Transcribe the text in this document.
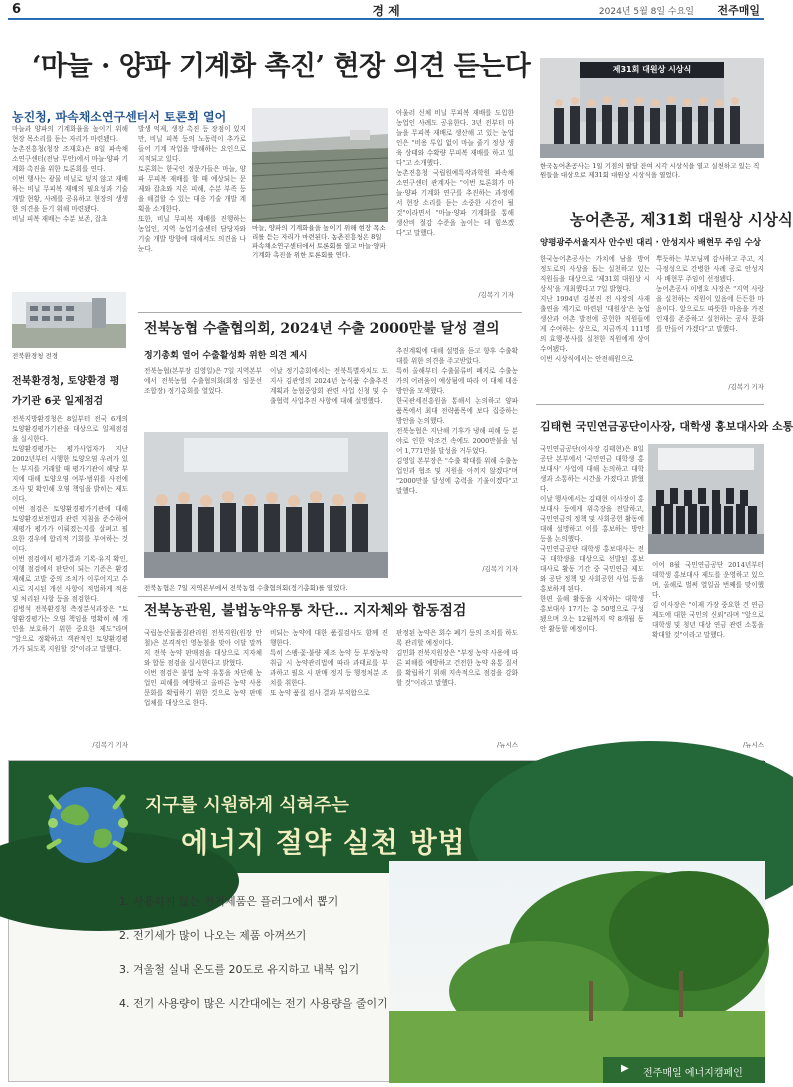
6	경 제	2024년 5월 8일 수요일 전주매일
‘마늘 · 양파 기계화 촉진’ 현장 의견 듣는다
농진청, 파속채소연구센터서 토론회 열어
마늘과 양파의 기계화율을 높이기 위해 현장 목소리를 듣는 자리가 마련됐다.
농촌진흥청(청장 조재호)은 8일 파속채소연구센터(전남 무안)에서 마늘·양파 기계화 촉진을 위한 토론회를 연다.
이번 행사는 광물 비닐로 덮지 않고 재배하는 비닐 무피복 재배의 필요성과 기술 개발 현황, 사례를 공유하고 현장의 생생한 의견을 듣기 위해 마련됐다.
비닐 피복 재배는 수분 보존, 잡초
발생 억제, 생장 촉진 등 장점이 있지만, 비닐 피복 등의 노동력이 추가로 들어 기계 작업을 방해하는 요인으로 지적되고 있다.
토론회는 한국인 정문가들은 마늘, 양파 무피복 재배를 할 때 예상되는 문제와 잡초와 지온 피해, 수분 부족 등을 해결할 수 있는 대응 기술 개발 계획을 소개한다.
또한, 비닐 무피복 재배를 진행하는 농업인, 지역 농업기술센터 담당자와 기술 개발 방향에 대해서도 의견을 나눈다.
마늘, 양파의 기계화율을 높이기 위해 현장 목소리를 듣는 자리가 마련된다. 농촌진흥청은 8일 파속채소연구센터에서 토론회를 열고 마늘·양파 기계화 촉진을 위한 토론회를 연다.
아울러 신체 비닐 무피복 재배를 도입한 농업인 사례도 공유한다. 3년 전부터 마늘을 무피복 재배로 생산해 고 있는 농업인은 "비용 투입 없이 마늘 줄기 정상 생육 상태와 수확량 무피복 재배를 하고 있다"고 소개했다.
농촌진흥청 국립원예특작과학원 파속채소연구센터 관계자는 "이번 토론회가 마늘·양파 기계화 연구를 추진하는 과정에서 현장 소리를 듣는 소중한 시간이 될 것"이라면서 "마늘·양파 기계화를 통해 생산비 절감 수준을 높이는 데 힘쓰겠다"고 말했다.
/김복기 기자
제31회 대원상 시상식
한국농어촌공사는 1일 기점의 팔달 잔여 시각 시상식을 열고 실천하고 있는 직원들을 대상으로 제31회 대원상 시상식을 열었다.
농어촌공, 제31회 대원상 시상식
양평광주서울지사 안수빈 대리 · 안성지사 배현무 주임 수상
한국농어촌공사는 가치에 남을 방어 정도로의 사상을 돕는 실천하고 있는 직원들을 대상으로 '제31회 대원상 시상식'을 개최했다고 7일 밝혔다.
지난 1994년 김봉진 전 사장의 사재 출연을 계기로 마련된 '대원상'은 농업 생산과 어촌 발전에 공헌한 직원들에게 수여하는 상으로, 지금까지 111명의 효행·봉사를 실천한 직원에게 상이 수여됐다.
이번 시상식에서는 안전해원으로
뿌듯하는 부모님께 감사하고 주고, 지극정성으로 간병한 사례 공로 안성지사 배현무 주임이 선정됐다.
농어촌공사 이병호 사장은 "지역 사랑을 실천하는 직원이 있음에 든든한 마음이다. 앞으로도 따뜻한 마음을 가진 인재를 존중하고 실천하는 공사 문화를 만들어 가겠다"고 말했다.
/김복기 기자
전북환경청 전경
전북환경청, 토양환경 평가기관 6곳 일제점검
전북지방환경청은 8일부터 전국 6개의 토양환경평가기관을 대상으로 일제점검을 실시한다.
토양환경평가는 평가사업자가 지난 2002년부터 시행한 토양오염 우려가 있는 부지를 거래할 때 평가기관이 해당 부지에 대해 토양오염 여부·범위를 사전에 조사 및 확인해 오염 책임을 밝히는 제도이다.
이번 점검은 토양환경평가기관에 대해 토양환경보전법과 관련 지침을 준수하여 재평가 평가가 이뤄졌는지를 살펴고 필요한 경우에 합리적 기회를 부여하는 것이다.
이번 점검에서 평가결과 기록·유지 확인, 이행 점검에서 판단이 되는 기준은 환경재해로 고발 중의 조치가 이루어지고 수시로 지시된 개선 사항이 적법하게 적용 및 처리된 사항 등을 점검한다.
김병석 전북환경청 측정분석과장은 "토양환경평가는 오염 책임을 명확히 해 개인을 보호하기 위한 중요한 제도"라며 "앞으로 정확하고 객관적인 토양환경평가가 되도록 지원할 것"이라고 말했다.
/김복기 기자
전북농협 수출협의회, 2024년 수출 2000만불 달성 결의
정기총회 열어 수출활성화 위한 의견 제시
전북농협(본부장 김영일)은 7일 지역본부에서 전북농협 수출협의회(회장 임문선 조합장) 정기총회를 열었다.
이날 정기총회에서는 전북특별자치도 도지사 김관영의 2024년 농식품 수출추진계획과 농협중앙회 관련 사업 신청 및 수출협력 사업추진 사항에 대해 설명했다.
추진계획에 대해 설명을 듣고 향후 수출확대를 위한 의견을 주고받았다.
특히 올해부터 수출물류비 폐지로 수출농가의 어려움이 예상됨에 따라 이 대체 대응방안을 모색했다.
한국관세진흥원을 통해서 논의하고 양파 품목에서 최대 전략품목에 보다 집중하는 방안을 논의했다.
전북농협은 지난해 기후가 냉해 피해 등 분야로 인한 악조건 속에도 2000만불을 넘어 1,771만불 달성을 거두었다.
김영일 본부장은 "수출 확대를 위해 수출농업인과 협조 및 지원을 아끼지 않겠다"며 "2000만불 달성에 총력을 기울이겠다"고 말했다.
/김복기 기자
전북농협은 7일 지역본부에서 전북농협 수출협의회(정기총회)를 열었다.
전북농관원, 불법농약유통 차단… 지자체와 합동점검
국립농산물품질관리원 전북지원(원장 안철)은 본격적인 영농철을 맞아 이달 말까지 전북 농약 판매점을 대상으로 지자체와 합동 점검을 실시한다고 밝혔다.
이번 점검은 불법 농약 유통을 차단해 농업인 피해를 예방하고 올바른 농약 사용 문화를 확립하기 위한 것으로 농약 판매업체를 대상으로 한다.
비되는 농약에 대한 품질검사도 함께 진행한다.
특히 스팸·꽃·불량 제조 농약 등 부정농약 취급 시 농약관리법에 따라 과태료를 부과하고 필요 시 판매 정지 등 행정처분 조치를 취한다.
또 농약 품질 검사 결과 부적합으로
판정된 농약은 회수 폐기 등의 조치를 하도록 관리할 예정이다.
김민화 전북지원장은 "부정 농약 사용에 따른 피해를 예방하고 건전한 농약 유통 질서를 확립하기 위해 지속적으로 점검을 강화할 것"이라고 말했다.
/뉴시스
김태현 국민연금공단이사장, 대학생 홍보대사와 소통
국민연금공단(이사장 김태현)은 8일 공단 본부에서 '국민연금 대학생 홍보대사' 사업에 대해 논의하고 대학생과 소통하는 시간을 가졌다고 밝혔다.
이날 행사에서는 김태현 이사장이 홍보대사 등에게 위촉장을 전달하고, 국민연금의 정책 및 사회공헌 활동에 대해 설명하고 이를 홍보하는 방안 등을 논의했다.
국민연금공단 대학생 홍보대사는 전국 대학생을 대상으로 선발된 홍보 대사로 활동 기간 중 국민연금 제도와 공단 정책 및 사회공헌 사업 등을 홍보하게 된다.
한편 올해 활동을 시작하는 대학생 홍보대사 17기는 총 50명으로 구성됐으며 오는 12월까지 약 8개월 동안 활동할 예정이다.
이어 8월 국민연금공단 2014년부터 대학생 홍보대사 제도를 운영하고 있으며, 올해로 벌써 열일곱 번째를 맞이했다.
김 이사장은 "이제 가장 중요한 건 연금 제도에 대한 국민의 신뢰"라며 "앞으로 대학생 및 청년 대상 연금 관련 소통을 확대할 것"이라고 말했다.
/뉴시스
지구를 시원하게 식혀주는
에너지 절약 실천 방법
1. 사용하지 않는 전기제품은 플러그에서 뽑기
2. 전기세가 많이 나오는 제품 아껴쓰기
3. 겨울철 실내 온도를 20도로 유지하고 내복 입기
4. 전기 사용량이 많은 시간대에는 전기 사용량을 줄이기
▶ 전주매일 에너지캠페인
